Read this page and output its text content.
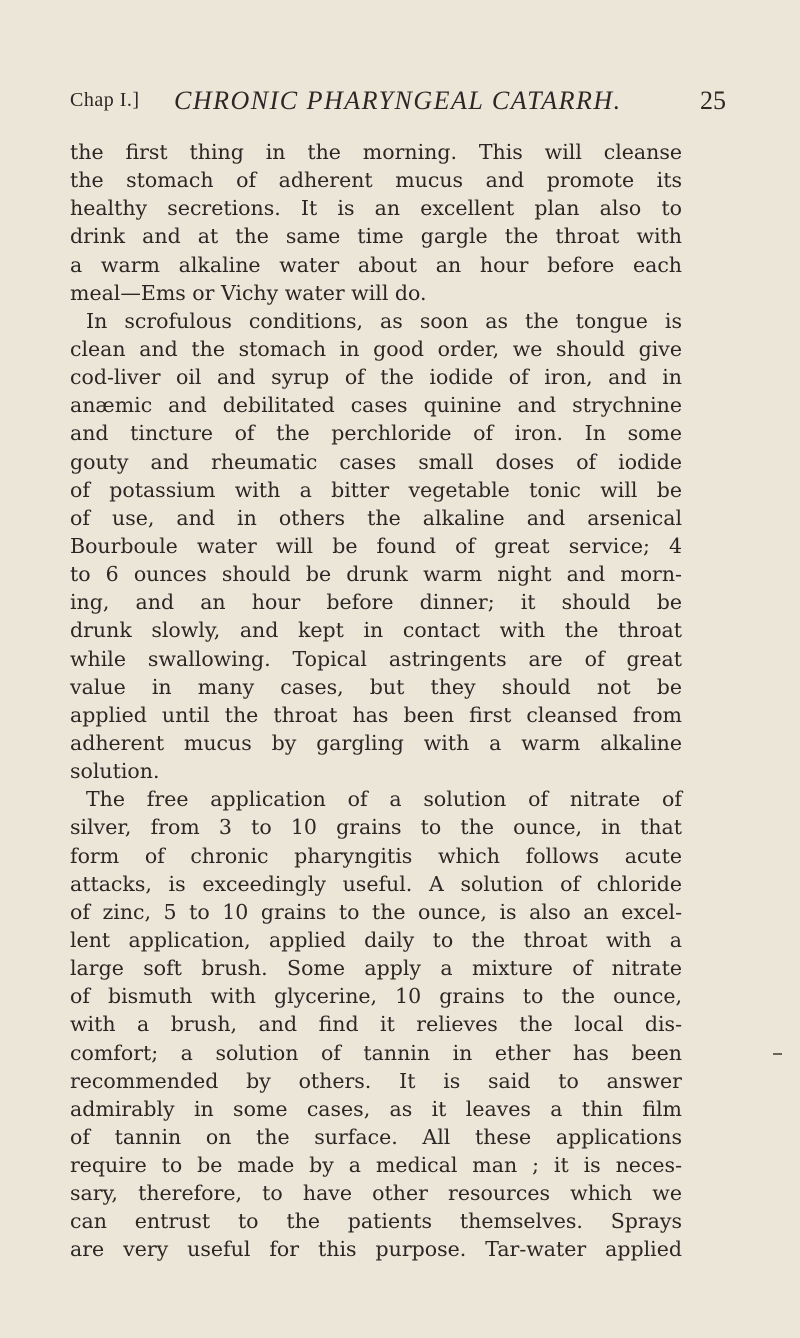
Chap I.] CHRONIC PHARYNGEAL CATARRH.	25
the first thing in the morning. This will cleanse
the stomach of adherent mucus and promote its
healthy secretions. It is an excellent plan also to
drink and at the same time gargle the throat with
a warm alkaline water about an hour before each
meal—Ems or Vichy water will do.
In scrofulous conditions, as soon as the tongue is
clean and the stomach in good order, we should give
cod-liver oil and syrup of the iodide of iron, and in
anæmic and debilitated cases quinine and strychnine
and tincture of the perchloride of iron. In some
gouty and rheumatic cases small doses of iodide
of potassium with a bitter vegetable tonic will be
of use, and in others the alkaline and arsenical
Bourboule water will be found of great service; 4
to 6 ounces should be drunk warm night and morn-
ing, and an hour before dinner; it should be
drunk slowly, and kept in contact with the throat
while swallowing. Topical astringents are of great
value in many cases, but they should not be
applied until the throat has been first cleansed from
adherent mucus by gargling with a warm alkaline
solution.
The free application of a solution of nitrate of
silver, from 3 to 10 grains to the ounce, in that
form of chronic pharyngitis which follows acute
attacks, is exceedingly useful. A solution of chloride
of zinc, 5 to 10 grains to the ounce, is also an excel-
lent application, applied daily to the throat with a
large soft brush. Some apply a mixture of nitrate
of bismuth with glycerine, 10 grains to the ounce,
with a brush, and find it relieves the local dis-
comfort; a solution of tannin in ether has been
recommended by others. It is said to answer
admirably in some cases, as it leaves a thin film
of tannin on the surface. All these applications
require to be made by a medical man ; it is neces-
sary, therefore, to have other resources which we
can entrust to the patients themselves. Sprays
are very useful for this purpose. Tar-water applied
